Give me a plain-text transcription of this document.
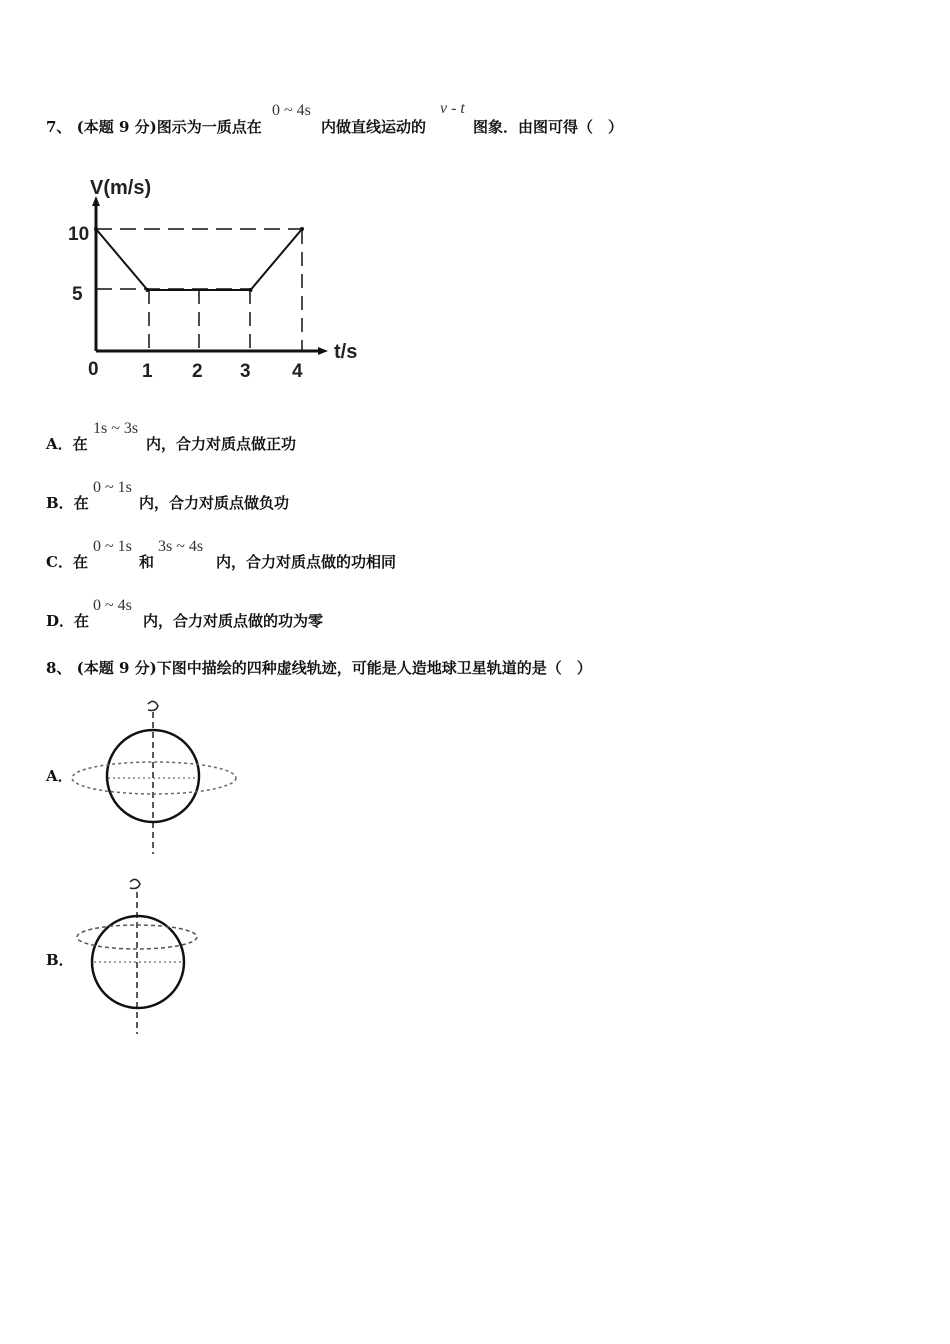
7、 (本题 9 分)图示为一质点在
0 ~ 4s
内做直线运动的
v - t
图象．由图可得（　）
V(m/s)
t/s
0
10
5
1 2 3 4
A．在
1s ~ 3s
内，合力对质点做正功
B．在
0 ~ 1s
内，合力对质点做负功
C．在
0 ~ 1s
和
3s ~ 4s
内，合力对质点做的功相同
D．在
0 ~ 4s
内，合力对质点做的功为零
8、 (本题 9 分)下图中描绘的四种虚线轨迹，可能是人造地球卫星轨道的是（　）
A．
B．
